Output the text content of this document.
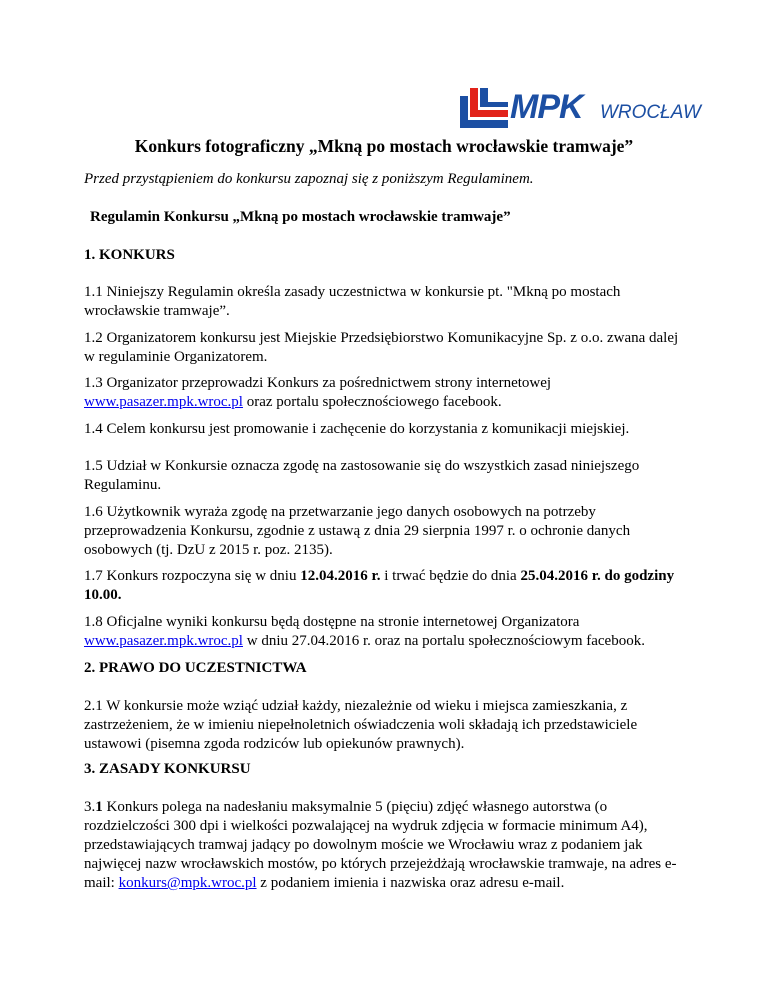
MPK WROCŁAW
Konkurs fotograficzny „Mkną po mostach wrocławskie tramwaje”

Przed przystąpieniem do konkursu zapoznaj się z poniższym Regulaminem.

Regulamin Konkursu „Mkną po mostach wrocławskie tramwaje”

1. KONKURS

1.1 Niniejszy Regulamin określa zasady uczestnictwa w konkursie pt. "Mkną po mostach wrocławskie tramwaje”.

1.2 Organizatorem konkursu jest Miejskie Przedsiębiorstwo Komunikacyjne Sp. z o.o. zwana dalej w regulaminie Organizatorem.

1.3 Organizator przeprowadzi Konkurs za pośrednictwem strony internetowej
www.pasazer.mpk.wroc.pl oraz portalu społecznościowego facebook.

1.4 Celem konkursu jest promowanie i zachęcenie do korzystania z komunikacji miejskiej.

1.5 Udział w Konkursie oznacza zgodę na zastosowanie się do wszystkich zasad niniejszego Regulaminu.

1.6 Użytkownik wyraża zgodę na przetwarzanie jego danych osobowych na potrzeby przeprowadzenia Konkursu, zgodnie z ustawą z dnia 29 sierpnia 1997 r. o ochronie danych osobowych (tj. DzU z 2015 r. poz. 2135).

1.7 Konkurs rozpoczyna się w dniu 12.04.2016 r. i trwać będzie do dnia 25.04.2016 r. do godziny 10.00.

1.8 Oficjalne wyniki konkursu będą dostępne na stronie internetowej Organizatora
www.pasazer.mpk.wroc.pl w dniu 27.04.2016 r. oraz na portalu społecznościowym facebook.

2. PRAWO DO UCZESTNICTWA

2.1 W konkursie może wziąć udział każdy, niezależnie od wieku i miejsca zamieszkania, z zastrzeżeniem, że w imieniu niepełnoletnich oświadczenia woli składają ich przedstawiciele ustawowi (pisemna zgoda rodziców lub opiekunów prawnych).

3. ZASADY KONKURSU

3.1 Konkurs polega na nadesłaniu maksymalnie 5 (pięciu) zdjęć własnego autorstwa (o rozdzielczości 300 dpi i wielkości pozwalającej na wydruk zdjęcia w formacie minimum A4), przedstawiających tramwaj jadący po dowolnym moście we Wrocławiu wraz z podaniem jak najwięcej nazw wrocławskich mostów, po których przejeżdżają wrocławskie tramwaje, na adres e-mail: konkurs@mpk.wroc.pl z podaniem imienia i nazwiska oraz adresu e-mail.
